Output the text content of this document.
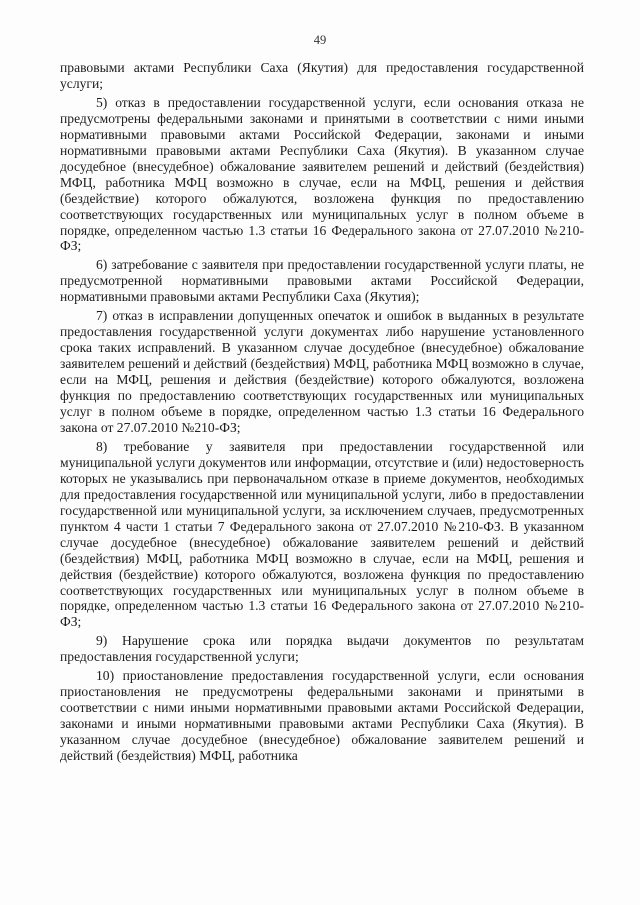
49

правовыми актами Республики Саха (Якутия) для предоставления государственной услуги;

5) отказ в предоставлении государственной услуги, если основания отказа не предусмотрены федеральными законами и принятыми в соответствии с ними иными нормативными правовыми актами Российской Федерации, законами и иными нормативными правовыми актами Республики Саха (Якутия). В указанном случае досудебное (внесудебное) обжалование заявителем решений и действий (бездействия) МФЦ, работника МФЦ возможно в случае, если на МФЦ, решения и действия (бездействие) которого обжалуются, возложена функция по предоставлению соответствующих государственных или муниципальных услуг в полном объеме в порядке, определенном частью 1.3 статьи 16 Федерального закона от 27.07.2010 №210-ФЗ;

6) затребование с заявителя при предоставлении государственной услуги платы, не предусмотренной нормативными правовыми актами Российской Федерации, нормативными правовыми актами Республики Саха (Якутия);

7) отказ в исправлении допущенных опечаток и ошибок в выданных в результате предоставления государственной услуги документах либо нарушение установленного срока таких исправлений. В указанном случае досудебное (внесудебное) обжалование заявителем решений и действий (бездействия) МФЦ, работника МФЦ возможно в случае, если на МФЦ, решения и действия (бездействие) которого обжалуются, возложена функция по предоставлению соответствующих государственных или муниципальных услуг в полном объеме в порядке, определенном частью 1.3 статьи 16 Федерального закона от 27.07.2010 №210-ФЗ;

8) требование у заявителя при предоставлении государственной или муниципальной услуги документов или информации, отсутствие и (или) недостоверность которых не указывались при первоначальном отказе в приеме документов, необходимых для предоставления государственной или муниципальной услуги, либо в предоставлении государственной или муниципальной услуги, за исключением случаев, предусмотренных пунктом 4 части 1 статьи 7 Федерального закона от 27.07.2010 №210-ФЗ. В указанном случае досудебное (внесудебное) обжалование заявителем решений и действий (бездействия) МФЦ, работника МФЦ возможно в случае, если на МФЦ, решения и действия (бездействие) которого обжалуются, возложена функция по предоставлению соответствующих государственных или муниципальных услуг в полном объеме в порядке, определенном частью 1.3 статьи 16 Федерального закона от 27.07.2010 №210-ФЗ;

9) Нарушение срока или порядка выдачи документов по результатам предоставления государственной услуги;

10) приостановление предоставления государственной услуги, если основания приостановления не предусмотрены федеральными законами и принятыми в соответствии с ними иными нормативными правовыми актами Российской Федерации, законами и иными нормативными правовыми актами Республики Саха (Якутия). В указанном случае досудебное (внесудебное) обжалование заявителем решений и действий (бездействия) МФЦ, работника
